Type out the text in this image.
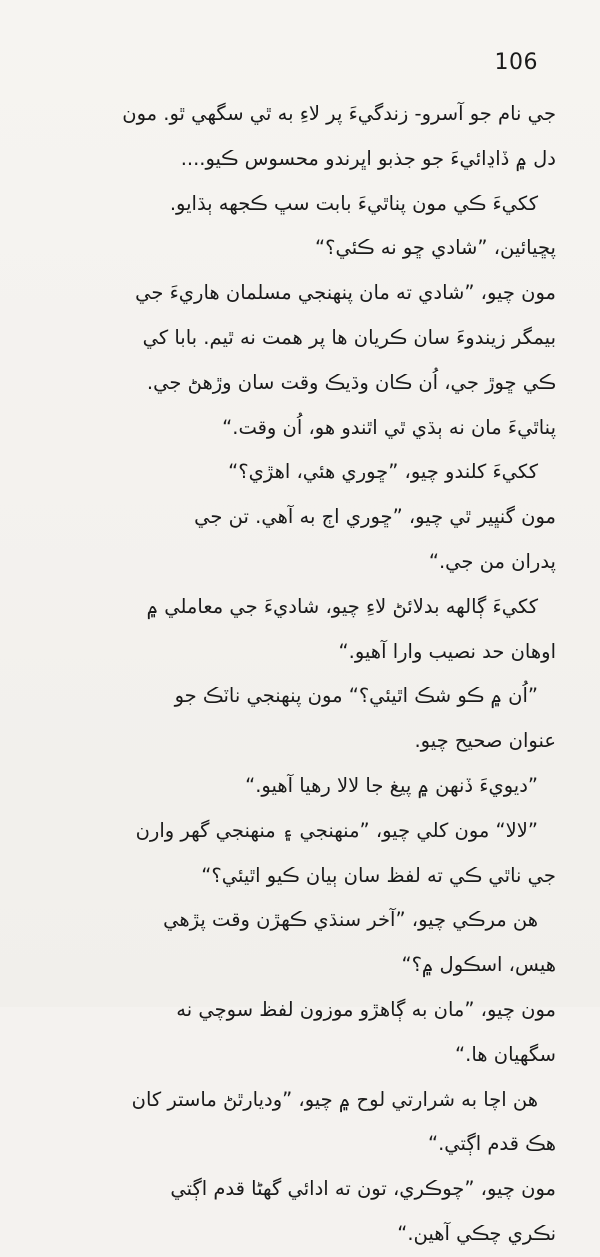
106
جي نام جو آسرو- زندگيءَ پر لاءِ به ٿي سگهي ٿو. مون
دل ۾ ڏاڍائيءَ جو جذبو اڀرندو محسوس ڪيو....
ککيءَ ڪي مون پناٿيءَ بابت سڀ ڪجهه ٻڌايو.
پڇيائين، ”شادي ڇو نه ڪئي؟“
مون چيو، ”شادي ته مان پنهنجي مسلمان هاريءَ جي
بيمگر زيندوءَ سان ڪريان ها پر همت نه ٿيم. بابا کي
ڪي ڇوڙ جي، اُن ڪان وڌيڪ وقت سان وڙهڻ جي.
پناٿيءَ مان نه ٻڌي ٿي اٿندو هو، اُن وقت.“
ککيءَ کلندو چيو، ”ڇوري هئي، اهڙي؟“
مون گنڀير ٿي چيو، ”ڇوري اڄ به آهي. تن جي
پدران من جي.“
ککيءَ ڳالهه بدلائڻ لاءِ چيو، شاديءَ جي معاملي ۾
اوهان حد نصيب وارا آهيو.“
”اُن ۾ ڪو شڪ اٿيئي؟“ مون پنهنجي ناٽڪ جو
عنوان صحيح چيو.
”ديويءَ ڏنهن ۾ پيغ جا لالا رهيا آهيو.“
”لالا“ مون کلي چيو، ”منهنجي ۽ منهنجي گهر وارن
جي ناٿي ڪي ته لفظ سان ٻيان ڪيو اٿيئي؟“
هن مرڪي چيو، ”آخر سنڌي ڪهڙن وقت پڙهي
هيس، اسڪول ۾؟“
مون چيو، ”مان به ڳاهڙو موزون لفظ سوچي نه
سگهيان ها.“
هن اچا به شرارتي لوح ۾ چيو، ”وديارٿڻ ماستر کان
هڪ قدم اڳتي.“
مون چيو، ”چوڪري، تون ته ادائي گهڻا قدم اڳتي
نڪري چڪي آهين.“
